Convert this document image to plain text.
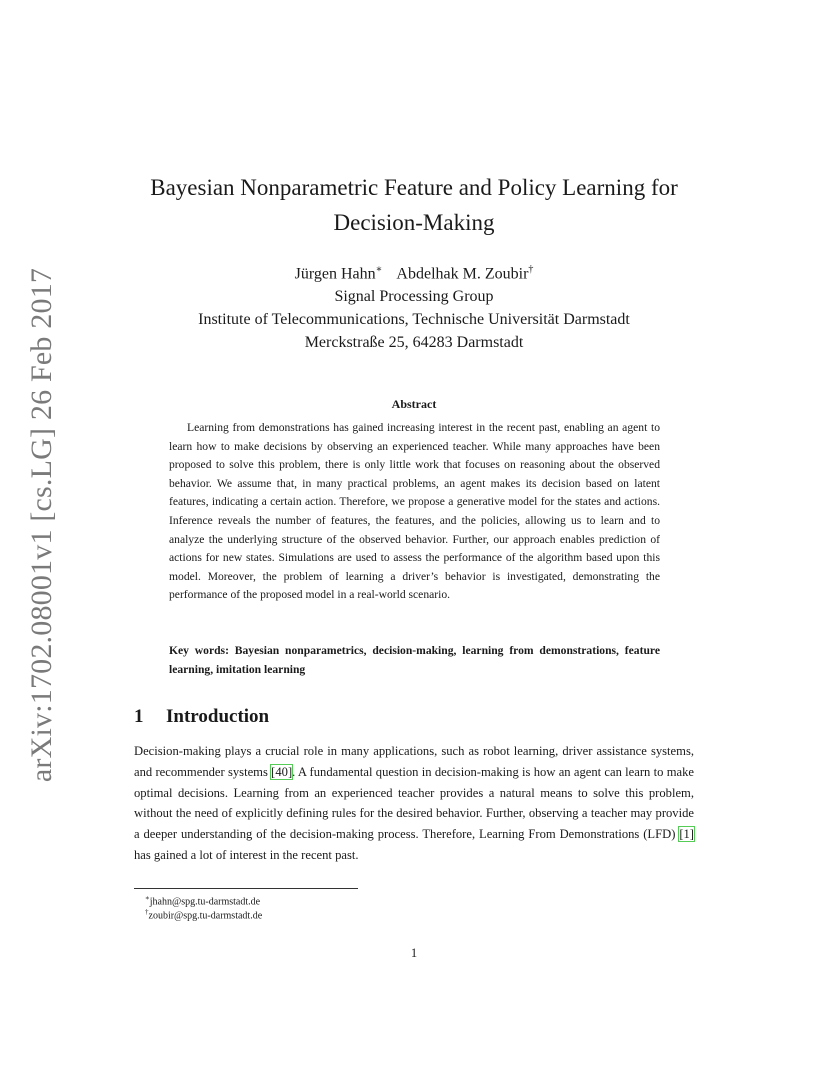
arXiv:1702.08001v1 [cs.LG] 26 Feb 2017
Bayesian Nonparametric Feature and Policy Learning for
Decision-Making
Jürgen Hahn∗ Abdelhak M. Zoubir†
Signal Processing Group
Institute of Telecommunications, Technische Universität Darmstadt
Merckstraße 25, 64283 Darmstadt
Abstract

Learning from demonstrations has gained increasing interest in the recent past, enabling an agent to learn how to make decisions by observing an experienced teacher. While many approaches have been proposed to solve this problem, there is only little work that focuses on reasoning about the observed behavior. We assume that, in many practical problems, an agent makes its decision based on latent features, indicating a certain action. Therefore, we propose a generative model for the states and actions. Inference reveals the number of features, the features, and the policies, allowing us to learn and to analyze the underlying structure of the observed behavior. Further, our approach enables prediction of actions for new states. Simulations are used to assess the performance of the algorithm based upon this model. Moreover, the problem of learning a driver’s behavior is investigated, demonstrating the performance of the proposed model in a real-world scenario.

Key words: Bayesian nonparametrics, decision-making, learning from demonstrations, feature learning, imitation learning

1 Introduction

Decision-making plays a crucial role in many applications, such as robot learning, driver assistance systems, and recommender systems [40]. A fundamental question in decision-making is how an agent can learn to make optimal decisions. Learning from an experienced teacher provides a natural means to solve this problem, without the need of explicitly defining rules for the desired behavior. Further, observing a teacher may provide a deeper understanding of the decision-making process. Therefore, Learning From Demonstrations (LFD) [1] has gained a lot of interest in the recent past.

∗jhahn@spg.tu-darmstadt.de
†zoubir@spg.tu-darmstadt.de
1
